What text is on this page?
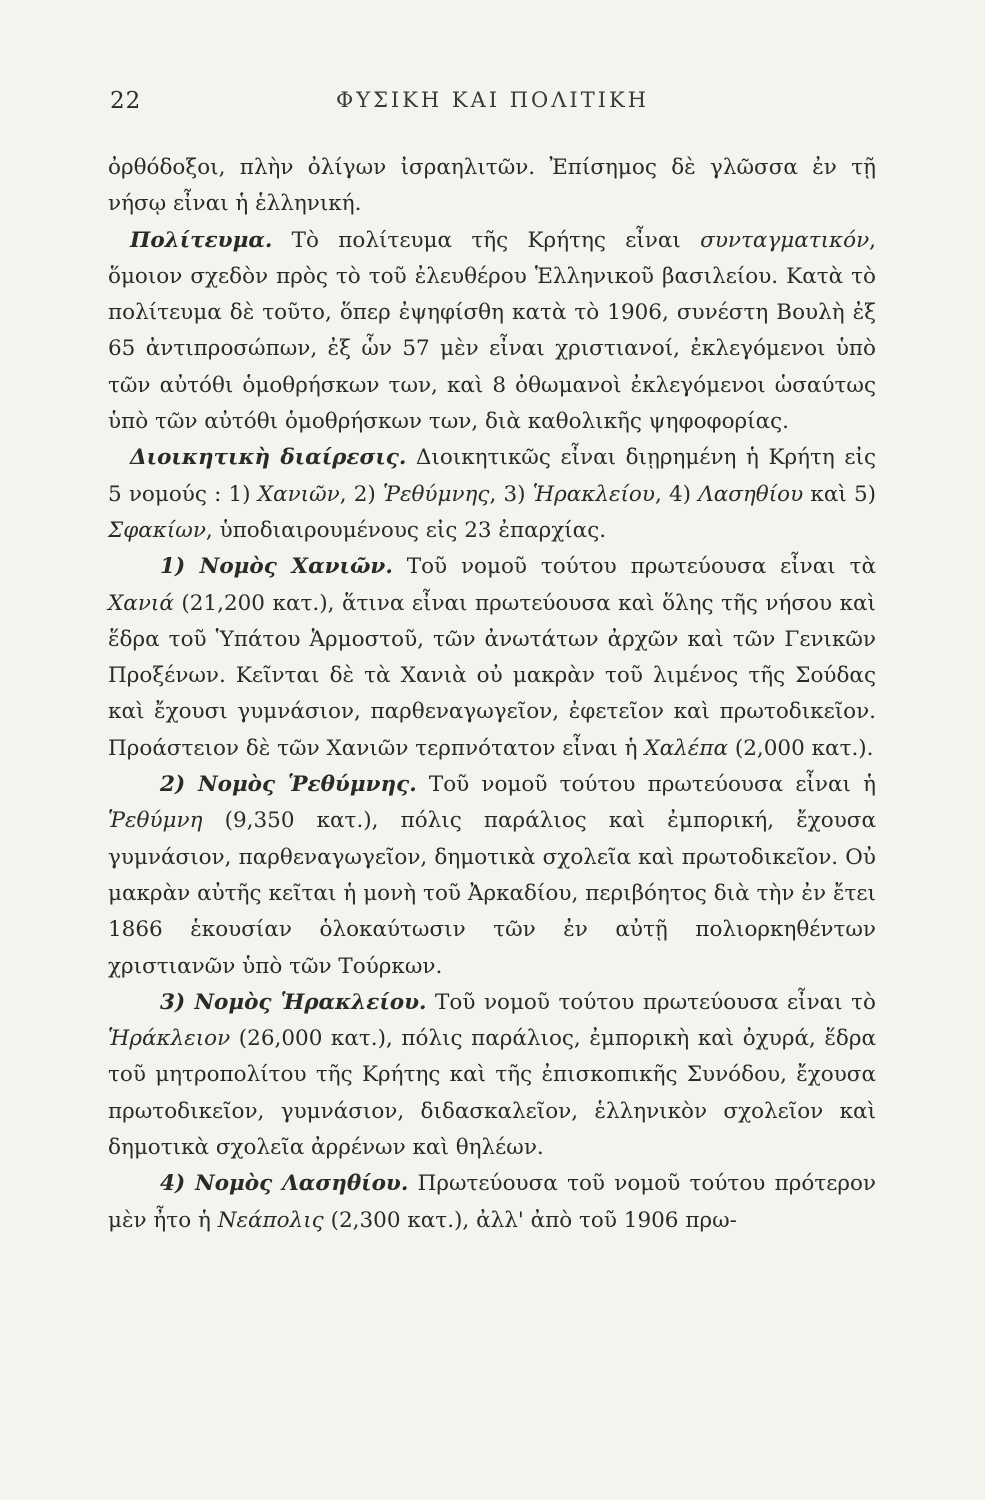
22	ΦΥΣΙΚΗ ΚΑΙ ΠΟΛΙΤΙΚΗ

ὀρθόδοξοι, πλὴν ὀλίγων ἰσραηλιτῶν. Ἐπίσημος δὲ γλῶσσα ἐν τῇ νήσῳ εἶναι ἡ ἑλληνική.

Πολίτευμα. Τὸ πολίτευμα τῆς Κρήτης εἶναι συνταγματικόν, ὅμοιον σχεδὸν πρὸς τὸ τοῦ ἐλευθέρου Ἑλληνικοῦ βασιλείου. Κατὰ τὸ πολίτευμα δὲ τοῦτο, ὅπερ ἐψηφίσθη κατὰ τὸ 1906, συνέστη Βουλὴ ἐξ 65 ἀντιπροσώπων, ἐξ ὧν 57 μὲν εἶναι χριστιανοί, ἐκλεγόμενοι ὑπὸ τῶν αὐτόθι ὁμοθρήσκων των, καὶ 8 ὀθωμανοὶ ἐκλεγόμενοι ὡσαύτως ὑπὸ τῶν αὐτόθι ὁμοθρήσκων των, διὰ καθολικῆς ψηφοφορίας.

Διοικητικὴ διαίρεσις. Διοικητικῶς εἶναι διῃρημένη ἡ Κρήτη εἰς 5 νομούς : 1) Χανιῶν, 2) Ῥεθύμνης, 3) Ἡρακλείου, 4) Λασηθίου καὶ 5) Σφακίων, ὑποδιαιρουμένους εἰς 23 ἐπαρχίας.

1) Νομὸς Χανιῶν. Τοῦ νομοῦ τούτου πρωτεύουσα εἶναι τὰ Χανιά (21,200 κατ.), ἅτινα εἶναι πρωτεύουσα καὶ ὅλης τῆς νήσου καὶ ἕδρα τοῦ Ὑπάτου Ἁρμοστοῦ, τῶν ἀνωτάτων ἀρχῶν καὶ τῶν Γενικῶν Προξένων. Κεῖνται δὲ τὰ Χανιὰ οὐ μακρὰν τοῦ λιμένος τῆς Σούδας καὶ ἔχουσι γυμνάσιον, παρθεναγωγεῖον, ἐφετεῖον καὶ πρωτοδικεῖον. Προάστειον δὲ τῶν Χανιῶν τερπνότατον εἶναι ἡ Χαλέπα (2,000 κατ.).

2) Νομὸς Ῥεθύμνης. Τοῦ νομοῦ τούτου πρωτεύουσα εἶναι ἡ Ῥεθύμνη (9,350 κατ.), πόλις παράλιος καὶ ἐμπορική, ἔχουσα γυμνάσιον, παρθεναγωγεῖον, δημοτικὰ σχολεῖα καὶ πρωτοδικεῖον. Οὐ μακρὰν αὐτῆς κεῖται ἡ μονὴ τοῦ Ἀρκαδίου, περιβόητος διὰ τὴν ἐν ἔτει 1866 ἑκουσίαν ὁλοκαύτωσιν τῶν ἐν αὐτῇ πολιορκηθέντων χριστιανῶν ὑπὸ τῶν Τούρκων.

3) Νομὸς Ἡρακλείου. Τοῦ νομοῦ τούτου πρωτεύουσα εἶναι τὸ Ἡράκλειον (26,000 κατ.), πόλις παράλιος, ἐμπορικὴ καὶ ὀχυρά, ἕδρα τοῦ μητροπολίτου τῆς Κρήτης καὶ τῆς ἐπισκοπικῆς Συνόδου, ἔχουσα πρωτοδικεῖον, γυμνάσιον, διδασκαλεῖον, ἑλληνικὸν σχολεῖον καὶ δημοτικὰ σχολεῖα ἀρρένων καὶ θηλέων.

4) Νομὸς Λασηθίου. Πρωτεύουσα τοῦ νομοῦ τούτου πρότερον μὲν ἦτο ἡ Νεάπολις (2,300 κατ.), ἀλλ' ἀπὸ τοῦ 1906 πρω-
